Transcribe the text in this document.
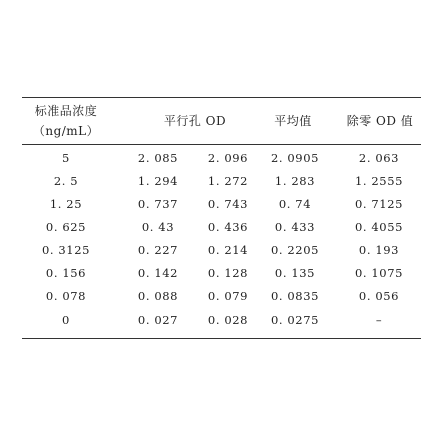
标准品浓度
（ng/mL）
平行孔 OD	平均值	除零 OD 值
5	2. 085	2. 096	2. 0905	2. 063
2. 5	1. 294	1. 272	1. 283	1. 2555
1. 25	0. 737	0. 743	0. 74	0. 7125
0. 625	0. 43	0. 436	0. 433	0. 4055
0. 3125	0. 227	0. 214	0. 2205	0. 193
0. 156	0. 142	0. 128	0. 135	0. 1075
0. 078	0. 088	0. 079	0. 0835	0. 056
0	0. 027	0. 028	0. 0275	–
